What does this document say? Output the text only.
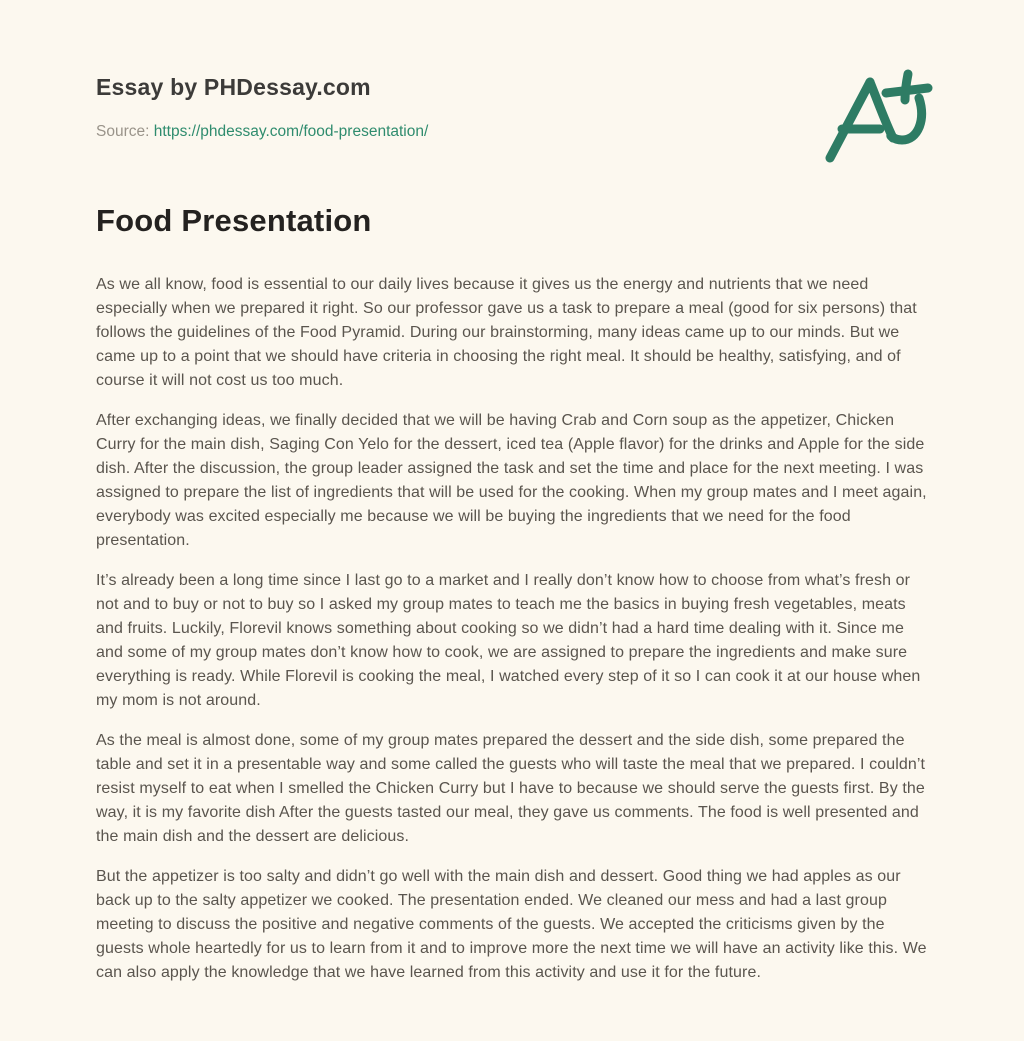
Essay by PHDessay.com
Source: https://phdessay.com/food-presentation/
Food Presentation

As we all know, food is essential to our daily lives because it gives us the energy and nutrients that we need especially when we prepared it right. So our professor gave us a task to prepare a meal (good for six persons) that follows the guidelines of the Food Pyramid. During our brainstorming, many ideas came up to our minds. But we came up to a point that we should have criteria in choosing the right meal. It should be healthy, satisfying, and of course it will not cost us too much.

After exchanging ideas, we finally decided that we will be having Crab and Corn soup as the appetizer, Chicken Curry for the main dish, Saging Con Yelo for the dessert, iced tea (Apple flavor) for the drinks and Apple for the side dish. After the discussion, the group leader assigned the task and set the time and place for the next meeting. I was assigned to prepare the list of ingredients that will be used for the cooking. When my group mates and I meet again, everybody was excited especially me because we will be buying the ingredients that we need for the food presentation.

It’s already been a long time since I last go to a market and I really don’t know how to choose from what’s fresh or not and to buy or not to buy so I asked my group mates to teach me the basics in buying fresh vegetables, meats and fruits. Luckily, Florevil knows something about cooking so we didn’t had a hard time dealing with it. Since me and some of my group mates don’t know how to cook, we are assigned to prepare the ingredients and make sure everything is ready. While Florevil is cooking the meal, I watched every step of it so I can cook it at our house when my mom is not around.

As the meal is almost done, some of my group mates prepared the dessert and the side dish, some prepared the table and set it in a presentable way and some called the guests who will taste the meal that we prepared. I couldn’t resist myself to eat when I smelled the Chicken Curry but I have to because we should serve the guests first. By the way, it is my favorite dish After the guests tasted our meal, they gave us comments. The food is well presented and the main dish and the dessert are delicious.

But the appetizer is too salty and didn’t go well with the main dish and dessert. Good thing we had apples as our back up to the salty appetizer we cooked. The presentation ended. We cleaned our mess and had a last group meeting to discuss the positive and negative comments of the guests. We accepted the criticisms given by the guests whole heartedly for us to learn from it and to improve more the next time we will have an activity like this. We can also apply the knowledge that we have learned from this activity and use it for the future.
